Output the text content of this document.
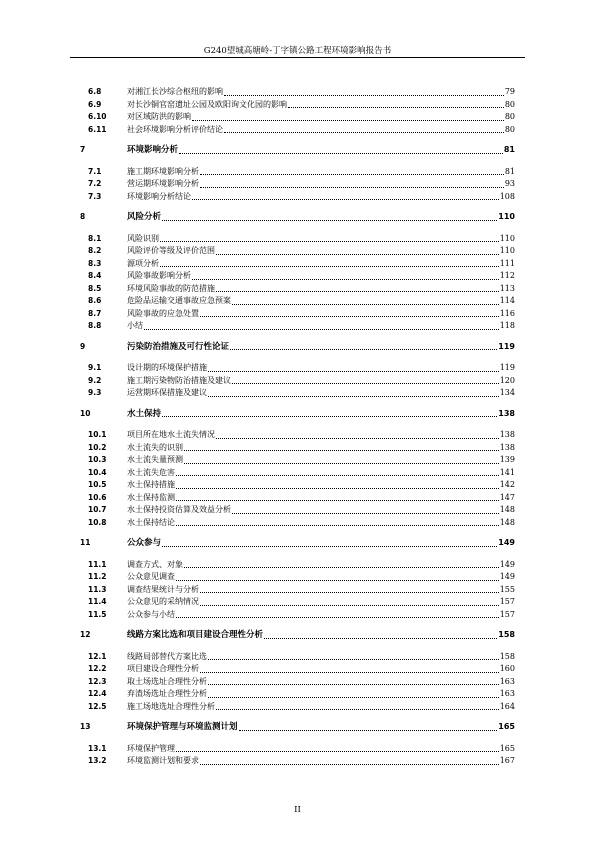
G240望城高塘岭-丁字镇公路工程环境影响报告书
6.8	对湘江长沙综合枢纽的影响	79
6.9	对长沙铜官窑遗址公园及欧阳询文化园的影响	80
6.10	对区域防洪的影响	80
6.11	社会环境影响分析评价结论	80
7	环境影响分析	81
7.1	施工期环境影响分析	81
7.2	营运期环境影响分析	93
7.3	环境影响分析结论	108
8	风险分析	110
8.1	风险识别	110
8.2	风险评价等级及评价范围	110
8.3	源项分析	111
8.4	风险事故影响分析	112
8.5	环境风险事故的防范措施	113
8.6	危险品运输交通事故应急预案	114
8.7	风险事故的应急处置	116
8.8	小结	118
9	污染防治措施及可行性论证	119
9.1	设计期的环境保护措施	119
9.2	施工期污染物防治措施及建议	120
9.3	运营期环保措施及建议	134
10	水土保持	138
10.1	项目所在地水土流失情况	138
10.2	水土流失的识别	138
10.3	水土流失量预测	139
10.4	水土流失危害	141
10.5	水土保持措施	142
10.6	水土保持监测	147
10.7	水土保持投资估算及效益分析	148
10.8	水土保持结论	148
11	公众参与	149
11.1	调查方式、对象	149
11.2	公众意见调查	149
11.3	调查结果统计与分析	155
11.4	公众意见的采纳情况	157
11.5	公众参与小结	157
12	线路方案比选和项目建设合理性分析	158
12.1	线路局部替代方案比选	158
12.2	项目建设合理性分析	160
12.3	取土场选址合理性分析	163
12.4	弃渣场选址合理性分析	163
12.5	施工场地选址合理性分析	164
13	环境保护管理与环境监测计划	165
13.1	环境保护管理	165
13.2	环境监测计划和要求	167
II
